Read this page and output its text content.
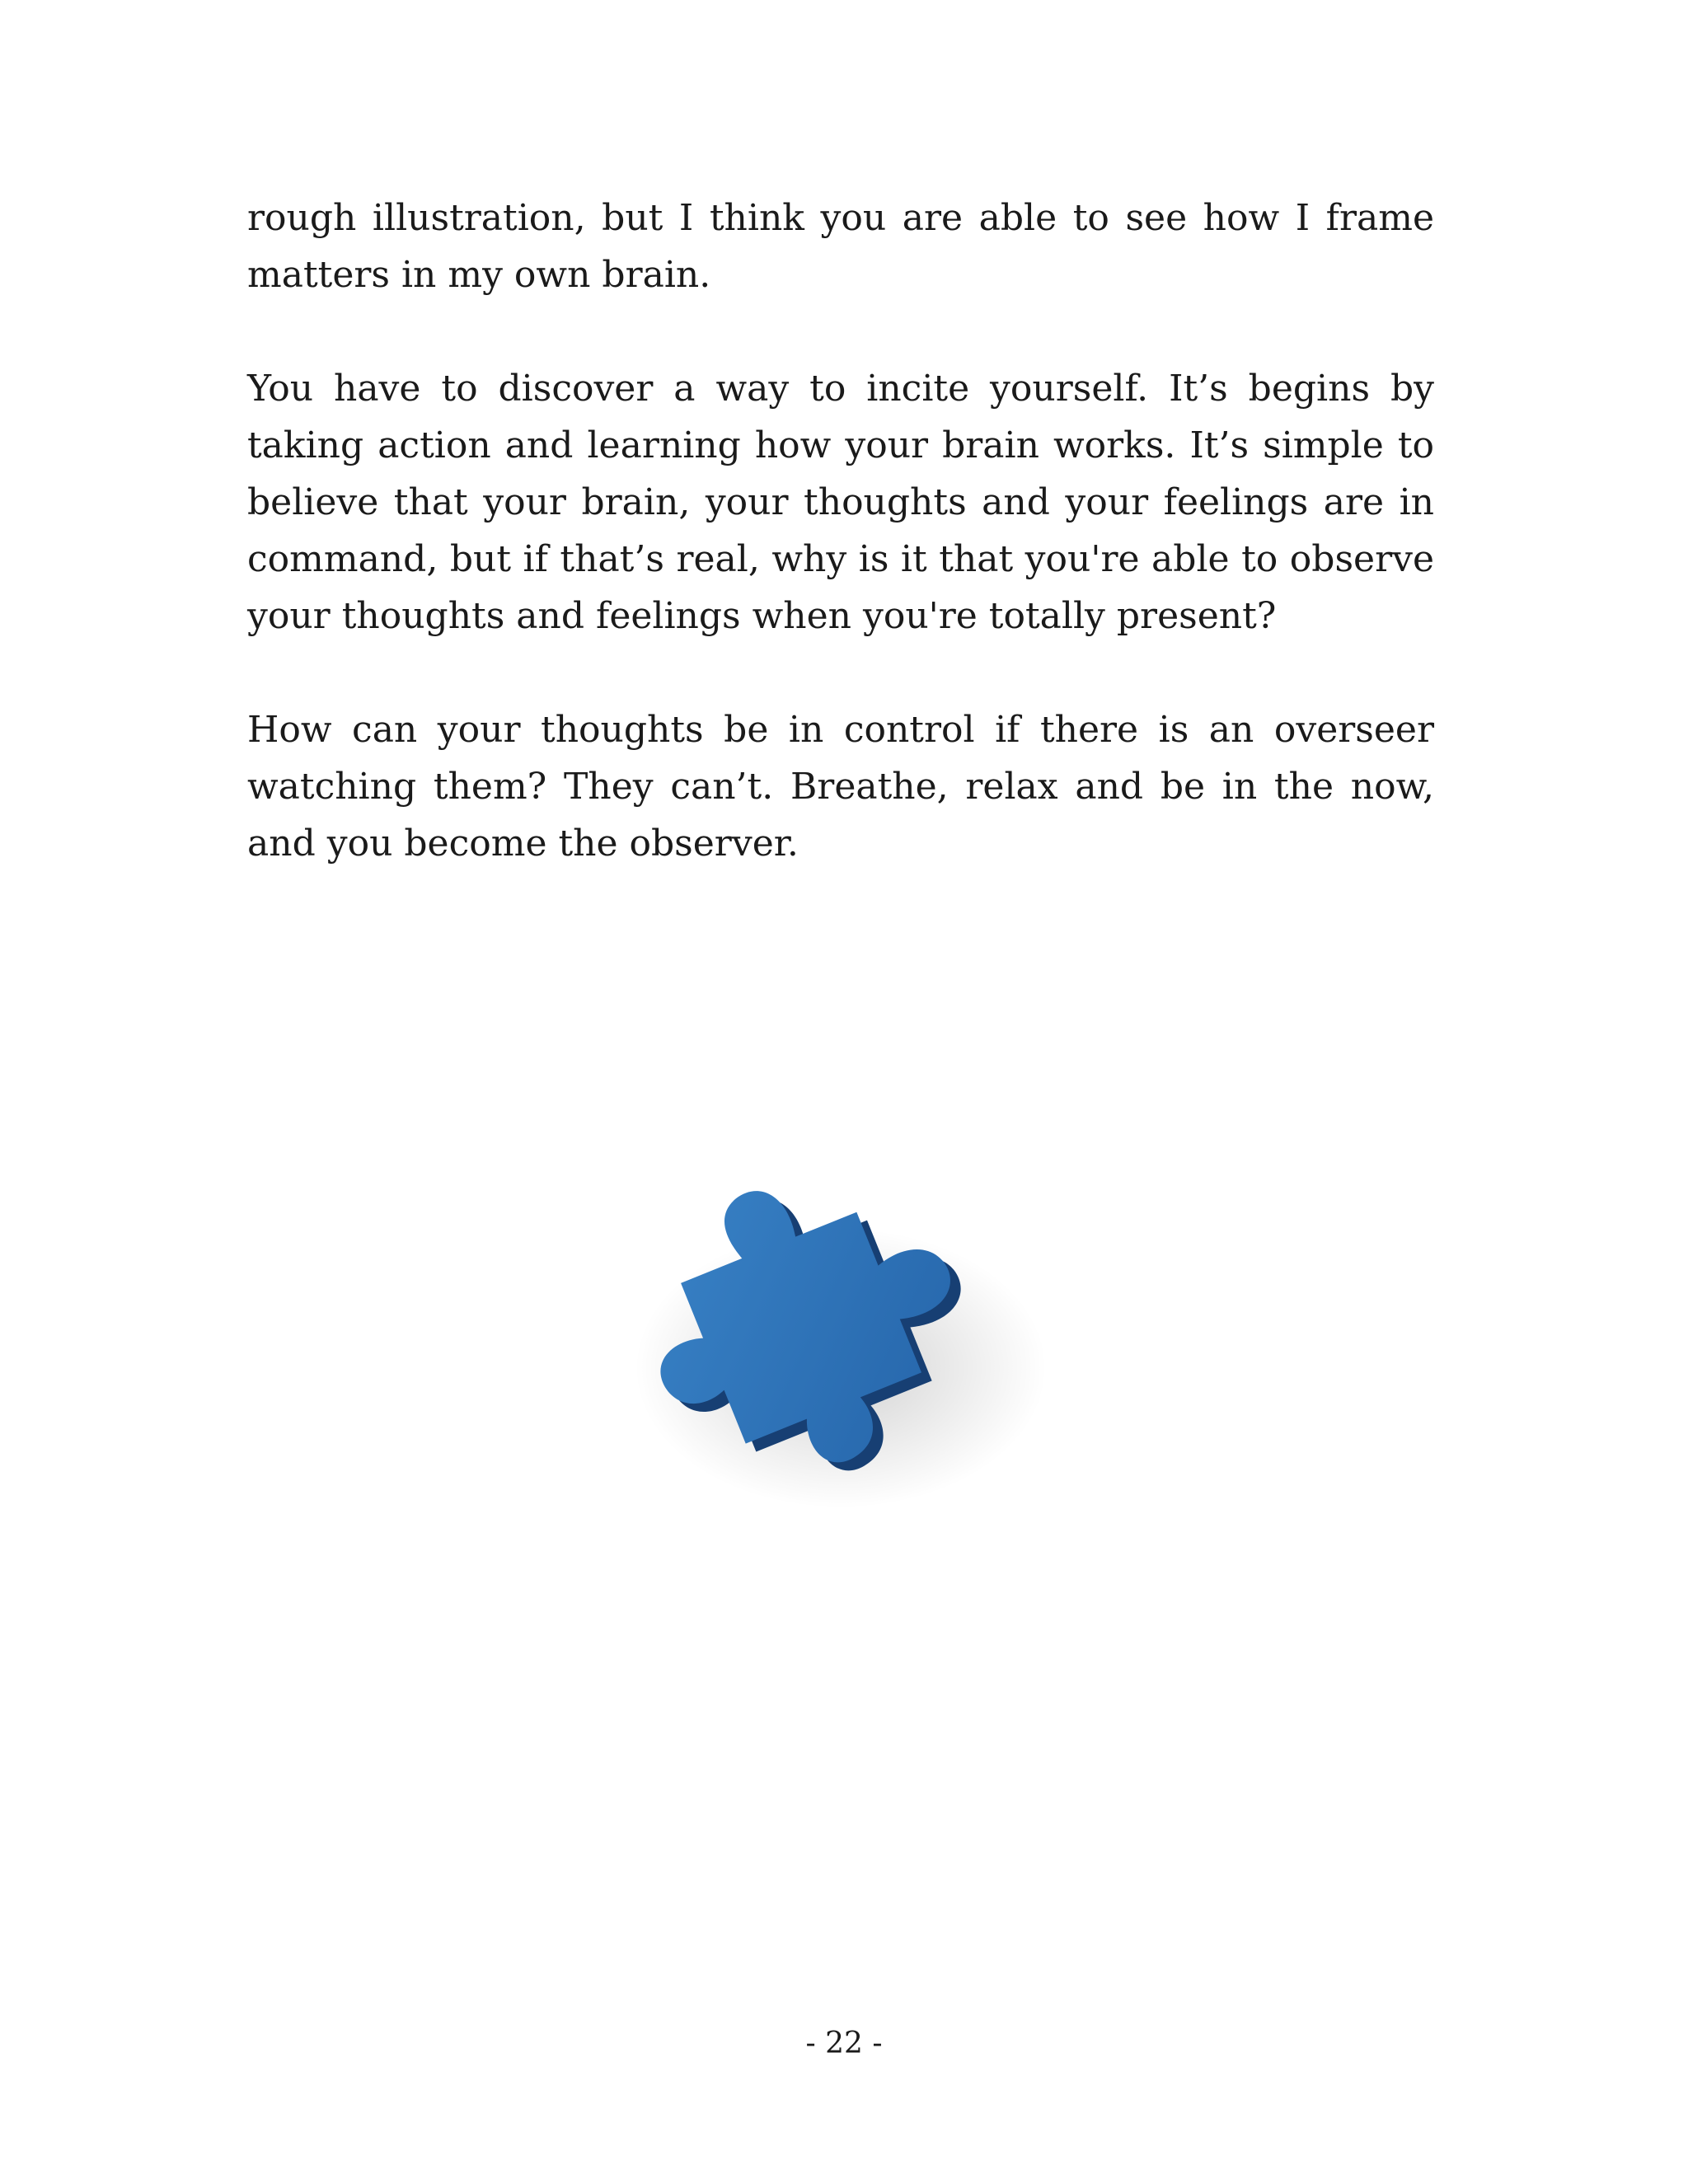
rough illustration, but I think you are able to see how I frame matters in my own brain.

You have to discover a way to incite yourself. It’s begins by taking action and learning how your brain works. It’s simple to believe that your brain, your thoughts and your feelings are in command, but if that’s real, why is it that you're able to observe your thoughts and feelings when you're totally present?

How can your thoughts be in control if there is an overseer watching them? They can’t. Breathe, relax and be in the now, and you become the observer.

- 22 -
